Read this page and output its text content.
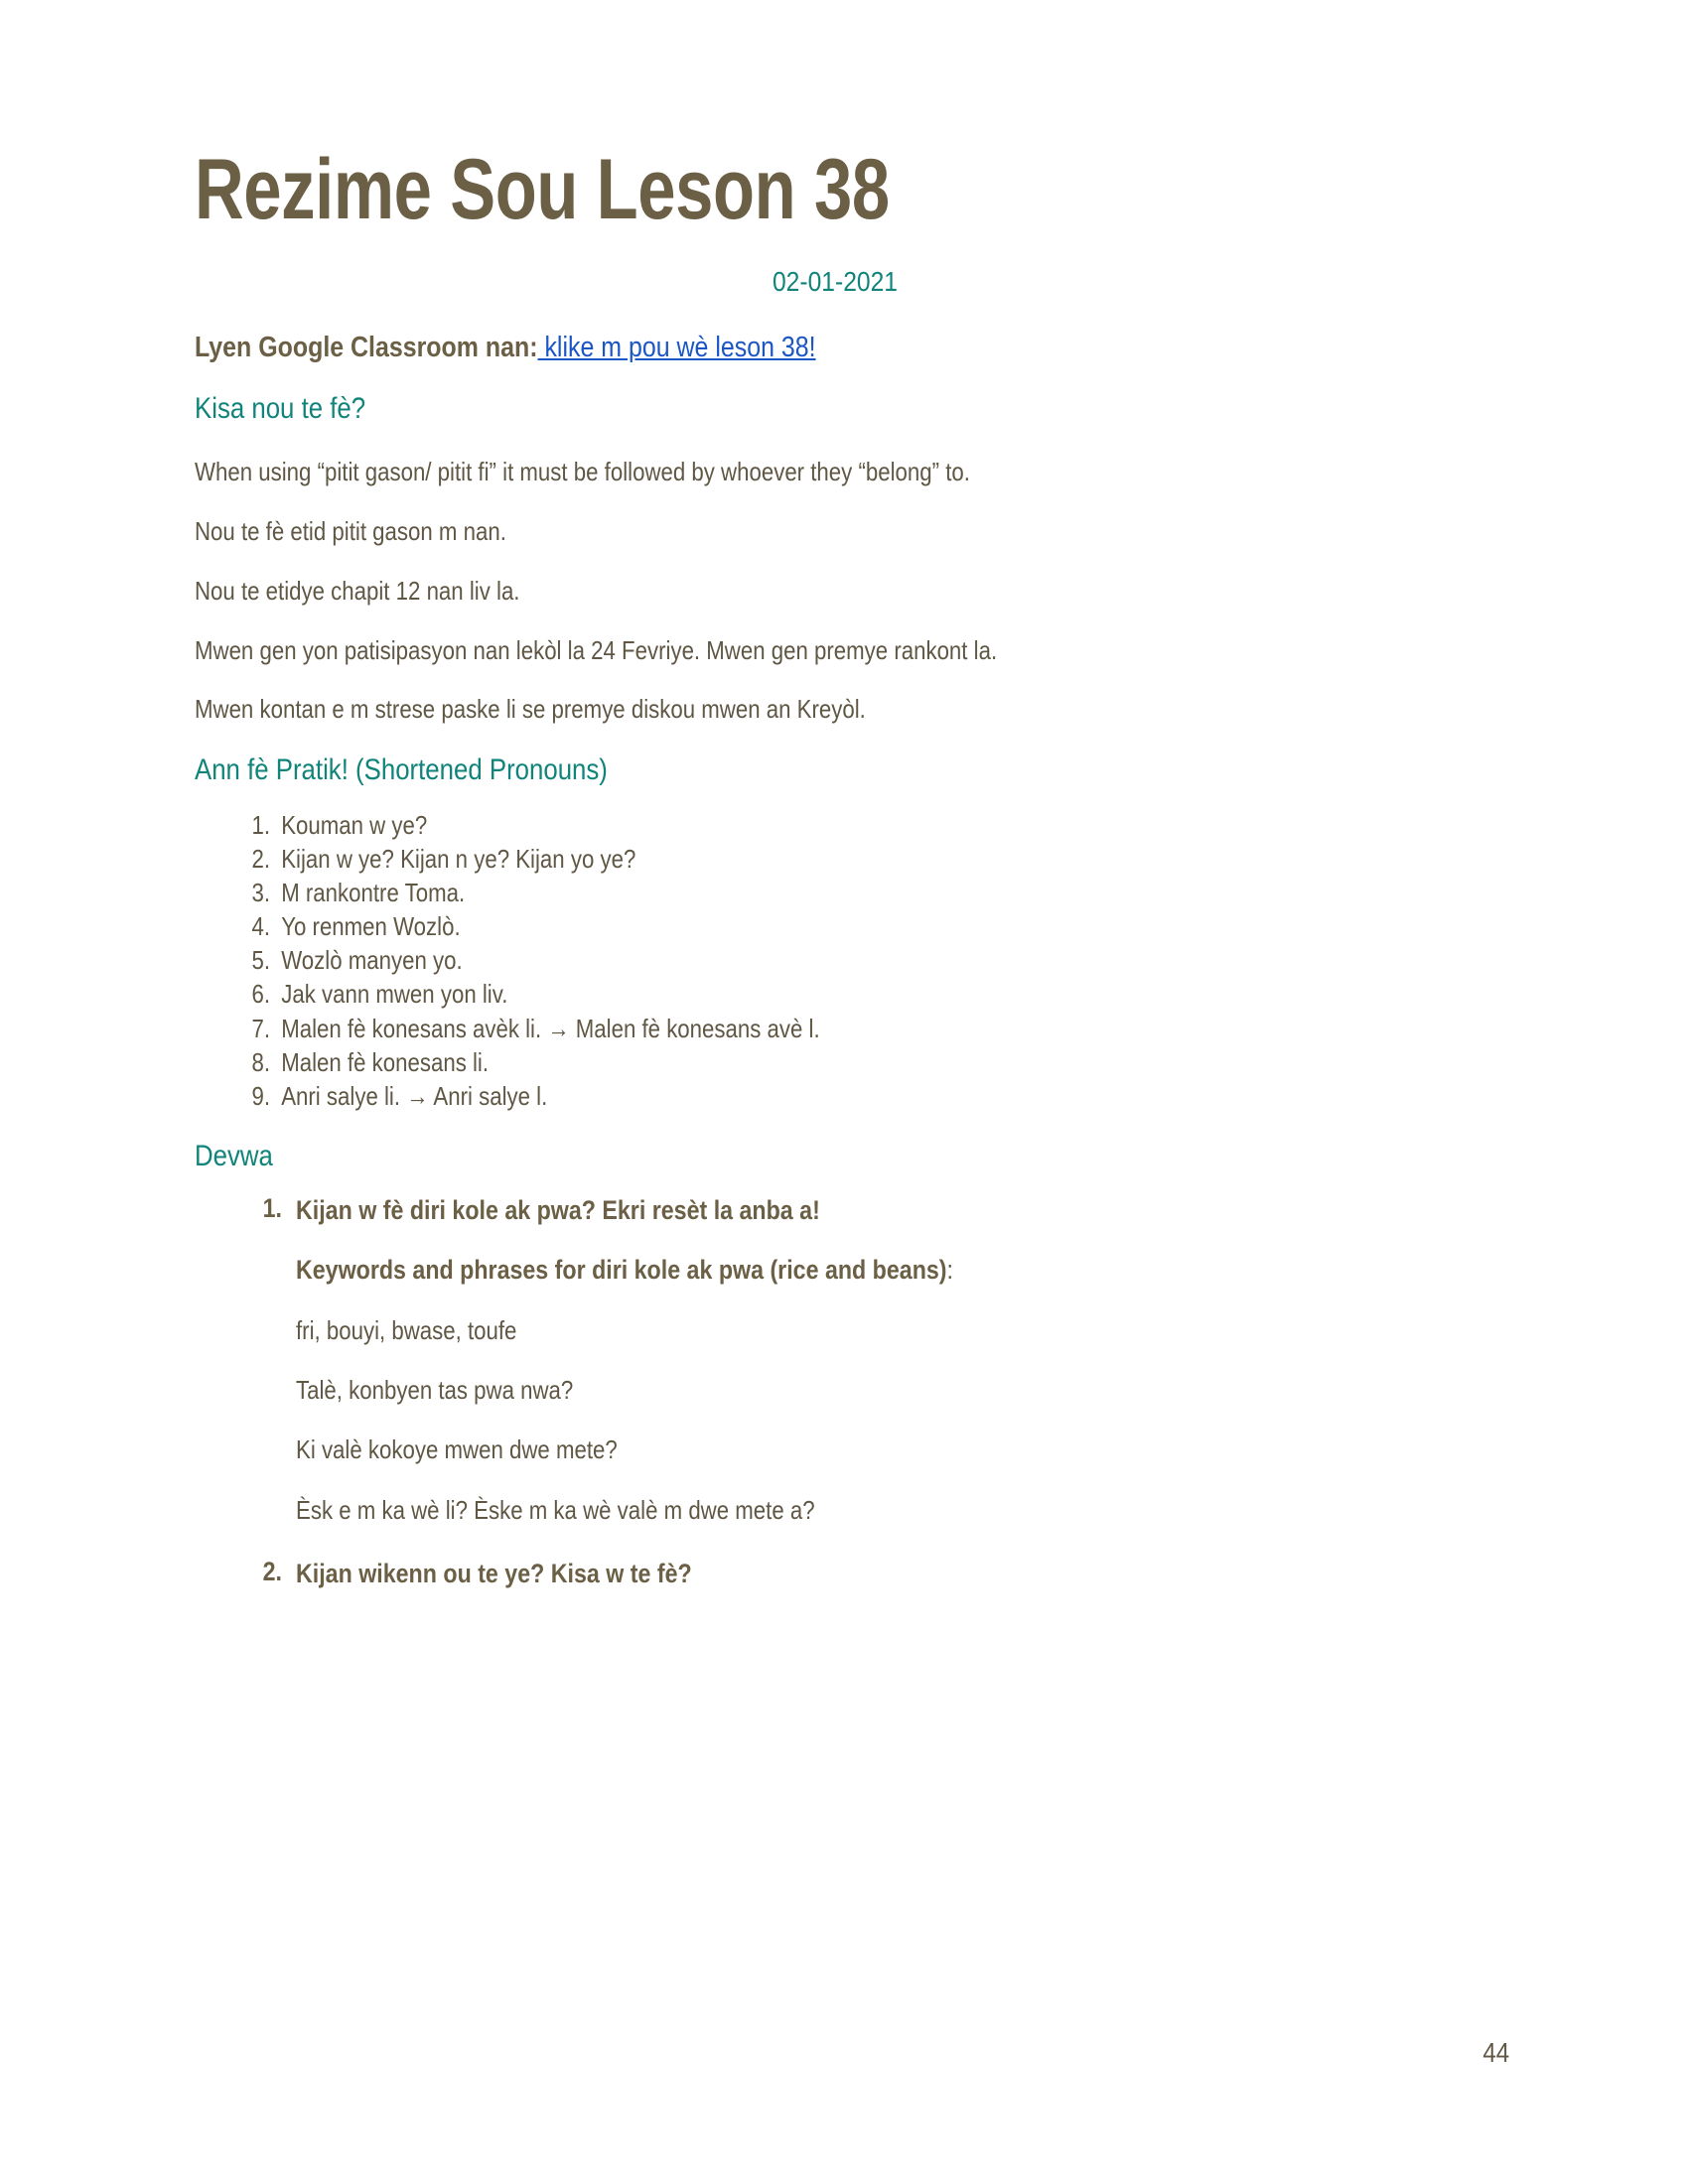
Rezime Sou Leson 38
02-01-2021

Lyen Google Classroom nan: klike m pou wè leson 38!

Kisa nou te fè?

When using “pitit gason/ pitit fi” it must be followed by whoever they “belong” to.

Nou te fè etid pitit gason m nan.

Nou te etidye chapit 12 nan liv la.

Mwen gen yon patisipasyon nan lekòl la 24 Fevriye. Mwen gen premye rankont la.

Mwen kontan e m strese paske li se premye diskou mwen an Kreyòl.

Ann fè Pratik! (Shortened Pronouns)
1. Kouman w ye?
2. Kijan w ye? Kijan n ye? Kijan yo ye?
3. M rankontre Toma.
4. Yo renmen Wozlò.
5. Wozlò manyen yo.
6. Jak vann mwen yon liv.
7. Malen fè konesans avèk li. → Malen fè konesans avè l.
8. Malen fè konesans li.
9. Anri salye li. → Anri salye l.
Devwa
1. Kijan w fè diri kole ak pwa? Ekri resèt la anba a!

Keywords and phrases for diri kole ak pwa (rice and beans):

fri, bouyi, bwase, toufe

Talè, konbyen tas pwa nwa?

Ki valè kokoye mwen dwe mete?

Èsk e m ka wè li? Èske m ka wè valè m dwe mete a?

2. Kijan wikenn ou te ye? Kisa w te fè?

44
